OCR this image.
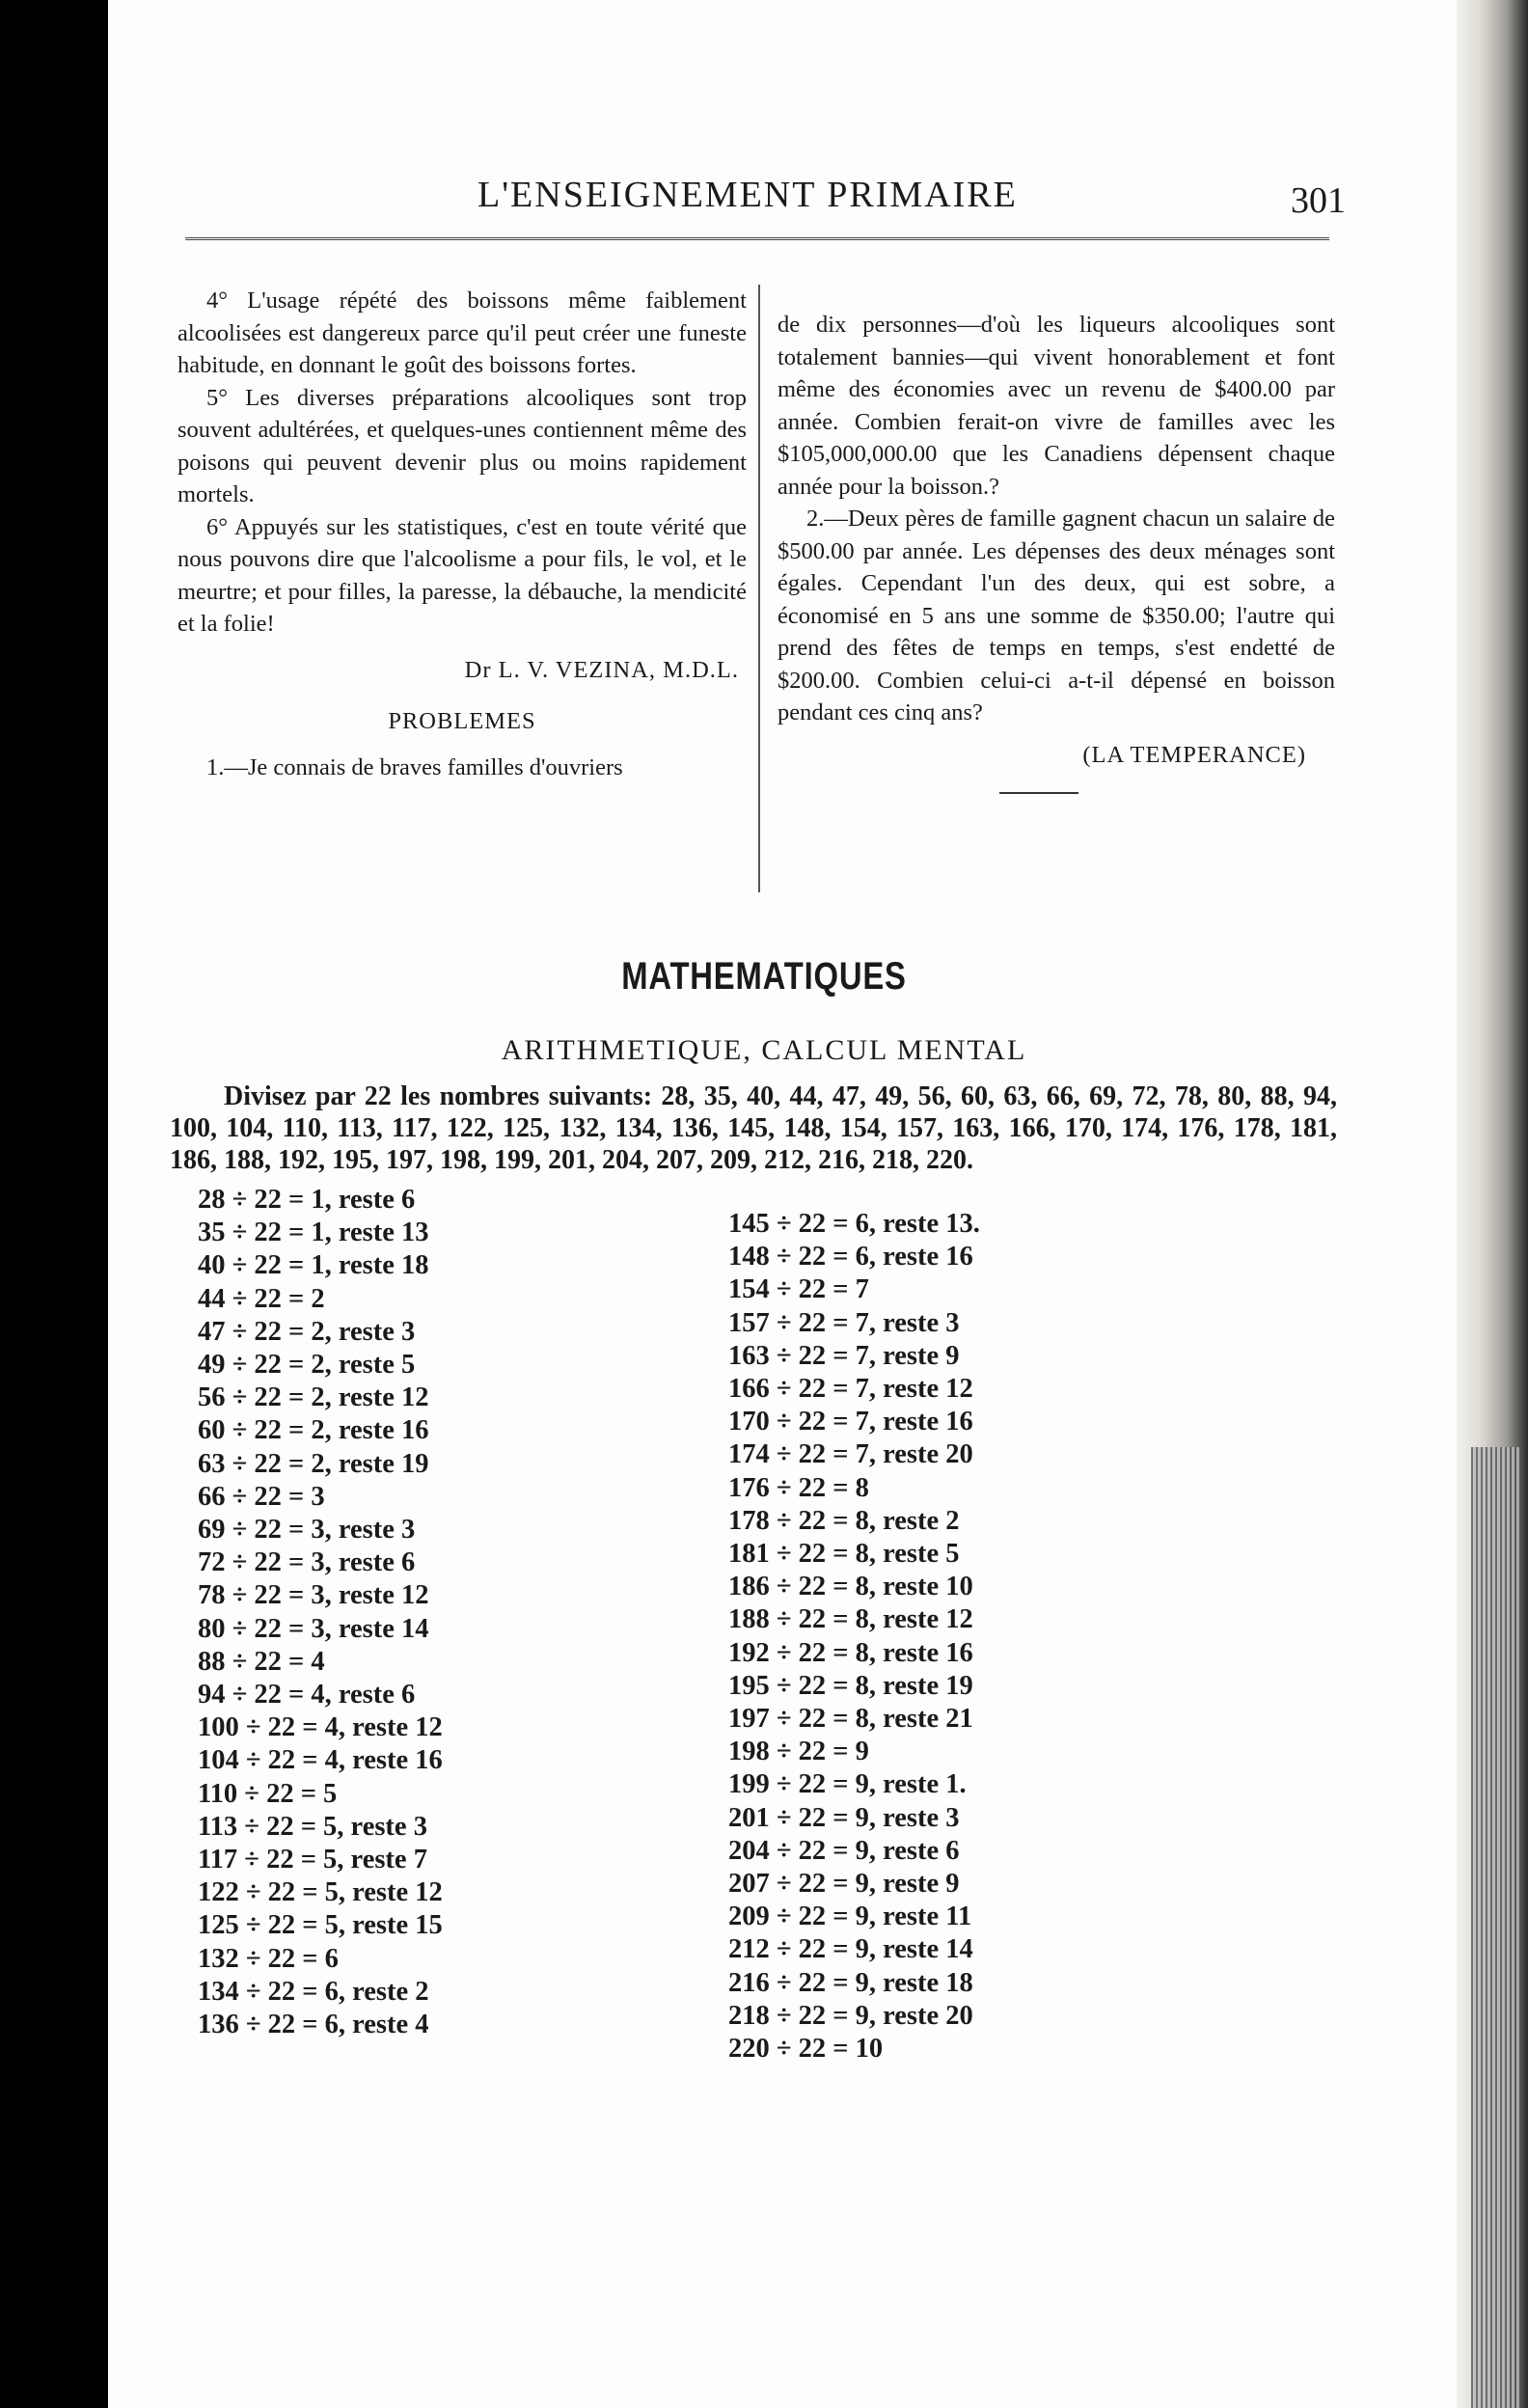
L'ENSEIGNEMENT PRIMAIRE	301

4° L'usage répété des boissons même faiblement alcoolisées est dangereux parce qu'il peut créer une funeste habitude, en donnant le goût des boissons fortes.

5° Les diverses préparations alcooliques sont trop souvent adultérées, et quelques-unes contiennent même des poisons qui peuvent devenir plus ou moins rapidement mortels.

6° Appuyés sur les statistiques, c'est en toute vérité que nous pouvons dire que l'alcoolisme a pour fils, le vol, et le meurtre; et pour filles, la paresse, la débauche, la mendicité et la folie!

Dr L. V. VEZINA, M.D.L.

PROBLEMES

1.—Je connais de braves familles d'ouvriers

de dix personnes—d'où les liqueurs alcooliques sont totalement bannies—qui vivent honorablement et font même des économies avec un revenu de $400.00 par année. Combien ferait-on vivre de familles avec les $105,000,000.00 que les Canadiens dépensent chaque année pour la boisson.?

2.—Deux pères de famille gagnent chacun un salaire de $500.00 par année. Les dépenses des deux ménages sont égales. Cependant l'un des deux, qui est sobre, a économisé en 5 ans une somme de $350.00; l'autre qui prend des fêtes de temps en temps, s'est endetté de $200.00. Combien celui-ci a-t-il dépensé en boisson pendant ces cinq ans?

(LA TEMPERANCE)

MATHEMATIQUES
ARITHMETIQUE, CALCUL MENTAL
Divisez par 22 les nombres suivants: 28, 35, 40, 44, 47, 49, 56, 60, 63, 66, 69, 72, 78, 80, 88, 94, 100, 104, 110, 113, 117, 122, 125, 132, 134, 136, 145, 148, 154, 157, 163, 166, 170, 174, 176, 178, 181, 186, 188, 192, 195, 197, 198, 199, 201, 204, 207, 209, 212, 216, 218, 220.
28 ÷ 22 = 1, reste 6
35 ÷ 22 = 1, reste 13
40 ÷ 22 = 1, reste 18
44 ÷ 22 = 2
47 ÷ 22 = 2, reste 3
49 ÷ 22 = 2, reste 5
56 ÷ 22 = 2, reste 12
60 ÷ 22 = 2, reste 16
63 ÷ 22 = 2, reste 19
66 ÷ 22 = 3
69 ÷ 22 = 3, reste 3
72 ÷ 22 = 3, reste 6
78 ÷ 22 = 3, reste 12
80 ÷ 22 = 3, reste 14
88 ÷ 22 = 4
94 ÷ 22 = 4, reste 6
100 ÷ 22 = 4, reste 12
104 ÷ 22 = 4, reste 16
110 ÷ 22 = 5
113 ÷ 22 = 5, reste 3
117 ÷ 22 = 5, reste 7
122 ÷ 22 = 5, reste 12
125 ÷ 22 = 5, reste 15
132 ÷ 22 = 6
134 ÷ 22 = 6, reste 2
136 ÷ 22 = 6, reste 4
145 ÷ 22 = 6, reste 13.
148 ÷ 22 = 6, reste 16
154 ÷ 22 = 7
157 ÷ 22 = 7, reste 3
163 ÷ 22 = 7, reste 9
166 ÷ 22 = 7, reste 12
170 ÷ 22 = 7, reste 16
174 ÷ 22 = 7, reste 20
176 ÷ 22 = 8
178 ÷ 22 = 8, reste 2
181 ÷ 22 = 8, reste 5
186 ÷ 22 = 8, reste 10
188 ÷ 22 = 8, reste 12
192 ÷ 22 = 8, reste 16
195 ÷ 22 = 8, reste 19
197 ÷ 22 = 8, reste 21
198 ÷ 22 = 9
199 ÷ 22 = 9, reste 1.
201 ÷ 22 = 9, reste 3
204 ÷ 22 = 9, reste 6
207 ÷ 22 = 9, reste 9
209 ÷ 22 = 9, reste 11
212 ÷ 22 = 9, reste 14
216 ÷ 22 = 9, reste 18
218 ÷ 22 = 9, reste 20
220 ÷ 22 = 10
